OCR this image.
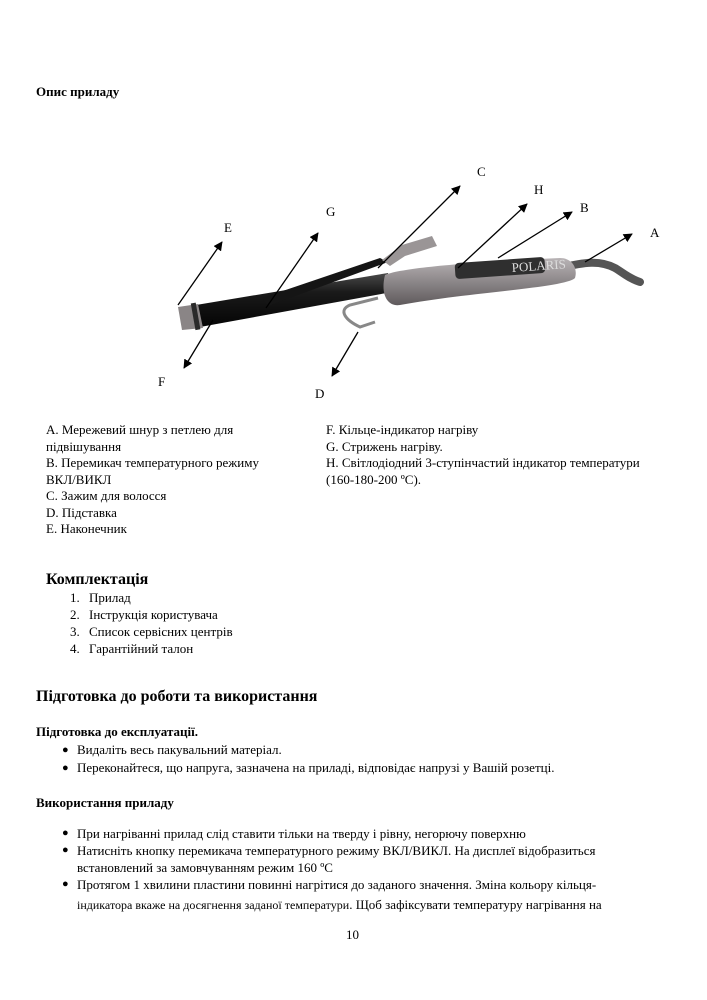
Опис приладу
POLARIS
E
G
C
H
B
A
F
D
A. Мережевий шнур з петлею для
підвішування
B. Перемикач температурного режиму
ВКЛ/ВИКЛ
C. Зажим для волосся
D. Підставка
E. Наконечник
F. Кільце-індикатор нагріву
G. Стрижень нагріву.
H. Світлодіодний 3-ступінчастий індикатор температури
(160-180-200 ºC).
Комплектація
1. Прилад
2. Інструкція користувача
3. Список сервісних центрів
4. Гарантійний талон
Підготовка до роботи та використання
Підготовка до експлуатації.
● Видаліть весь пакувальний матеріал.
● Переконайтеся, що напруга, зазначена на приладі, відповідає напрузі у Вашій розетці.
Використання приладу
● При нагріванні прилад слід ставити тільки на тверду і рівну, негорючу поверхню
● Натисніть кнопку перемикача температурного режиму ВКЛ/ВИКЛ. На дисплеї відобразиться
встановлений за замовчуванням режим 160 ºC
● Протягом 1 хвилини пластини повинні нагрітися до заданого значення. Зміна кольору кільця-
індикатора вкаже на досягнення заданої температури. Щоб зафіксувати температуру нагрівання на
10
